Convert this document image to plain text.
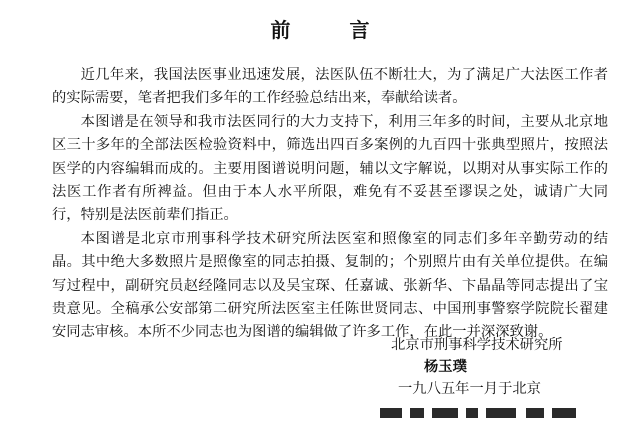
前 言

近几年来，我国法医事业迅速发展，法医队伍不断壮大，为了满足广大法医工作者的实际需要，笔者把我们多年的工作经验总结出来，奉献给读者。

本图谱是在领导和我市法医同行的大力支持下，利用三年多的时间，主要从北京地区三十多年的全部法医检验资料中，筛选出四百多案例的九百四十张典型照片，按照法医学的内容编辑而成的。主要用图谱说明问题，辅以文字解说，以期对从事实际工作的法医工作者有所裨益。但由于本人水平所限，难免有不妥甚至谬误之处，诚请广大同行，特别是法医前辈们指正。

本图谱是北京市刑事科学技术研究所法医室和照像室的同志们多年辛勤劳动的结晶。其中绝大多数照片是照像室的同志拍摄、复制的；个别照片由有关单位提供。在编写过程中，副研究员赵经隆同志以及吴宝琛、任嘉诚、张新华、卞晶晶等同志提出了宝贵意见。全稿承公安部第二研究所法医室主任陈世贤同志、中国刑事警察学院院长翟建安同志审核。本所不少同志也为图谱的编辑做了许多工作，在此一并深深致谢。

北京市刑事科学技术研究所
杨玉璞
一九八五年一月于北京
